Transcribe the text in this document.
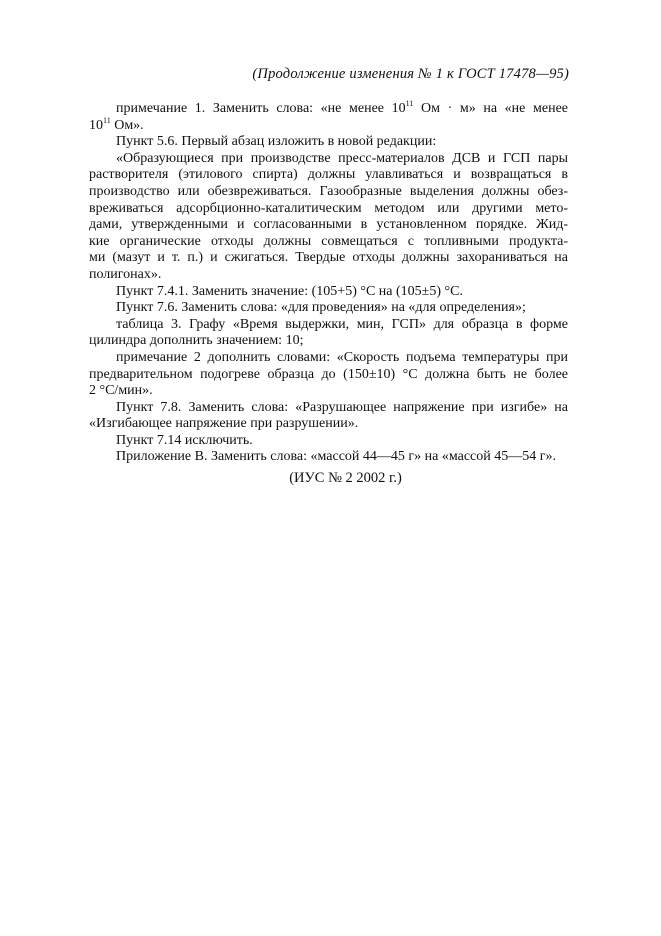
(Продолжение изменения № 1 к ГОСТ 17478—95)
примечание 1. Заменить слова: «не менее $10^{11}$ Ом · м» на «не менее
$10^{11}$ Ом».
Пункт 5.6. Первый абзац изложить в новой редакции:
«Образующиеся при производстве пресс-материалов ДСВ и ГСП пары
растворителя (этилового спирта) должны улавливаться и возвращаться в
производство или обезвреживаться. Газообразные выделения должны обез-
вреживаться адсорбционно-каталитическим методом или другими мето-
дами, утвержденными и согласованными в установленном порядке. Жид-
кие органические отходы должны совмещаться с топливными продукта-
ми (мазут и т. п.) и сжигаться. Твердые отходы должны захораниваться на
полигонах».
Пункт 7.4.1. Заменить значение: (105+5) °С на (105±5) °С.
Пункт 7.6. Заменить слова: «для проведения» на «для определения»;
таблица 3. Графу «Время выдержки, мин, ГСП» для образца в форме
цилиндра дополнить значением: 10;
примечание 2 дополнить словами: «Скорость подъема температуры при
предварительном подогреве образца до (150±10) °С должна быть не более
2 °С/мин».
Пункт 7.8. Заменить слова: «Разрушающее напряжение при изгибе» на
«Изгибающее напряжение при разрушении».
Пункт 7.14 исключить.
Приложение В. Заменить слова: «массой 44—45 г» на «массой 45—54 г».
(ИУС № 2 2002 г.)
